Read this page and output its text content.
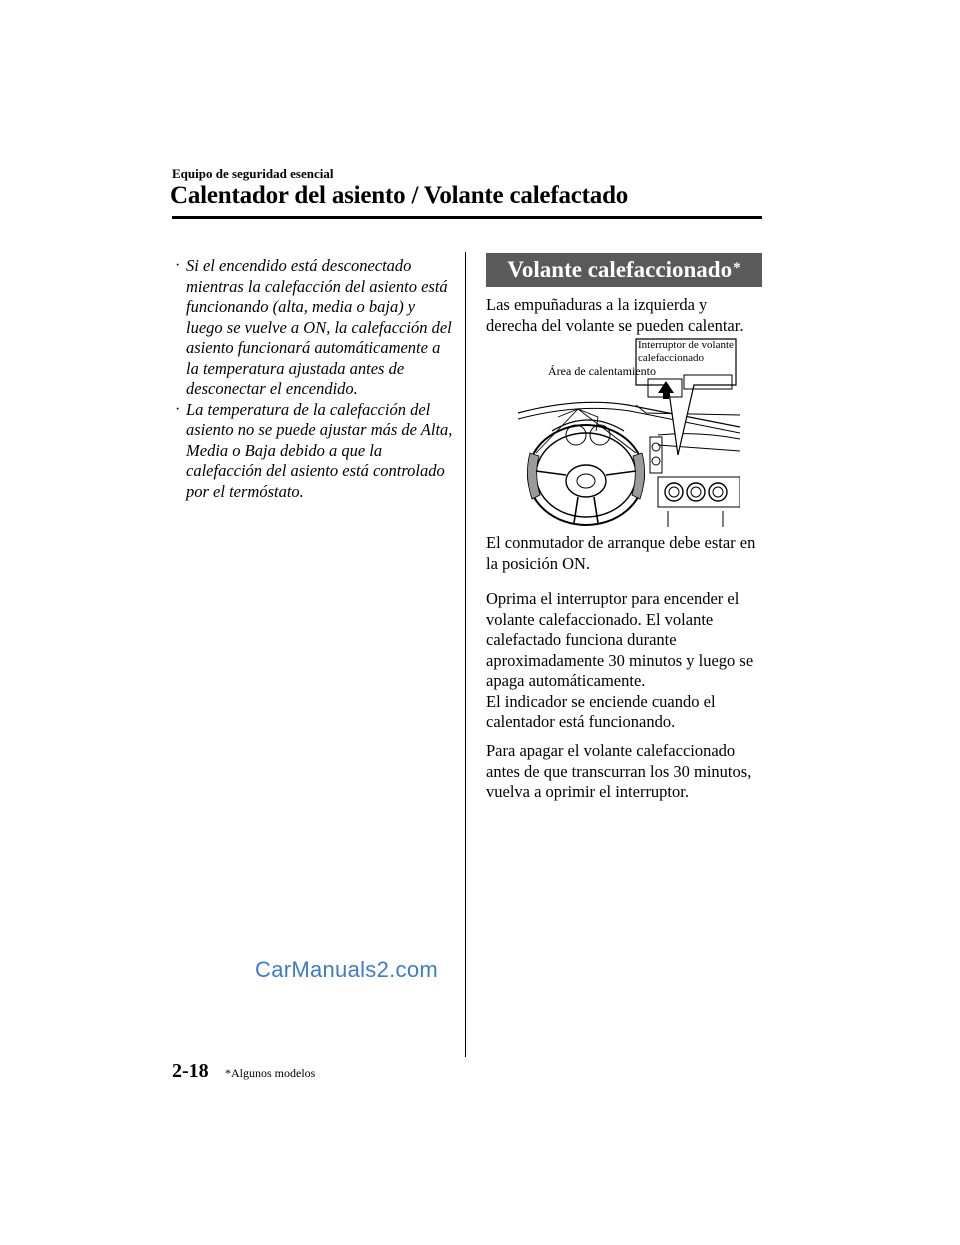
Equipo de seguridad esencial
Calentador del asiento / Volante calefactado
· Si el encendido está desconectado mientras la calefacción del asiento está funcionando (alta, media o baja) y luego se vuelve a ON, la calefacción del asiento funcionará automáticamente a la temperatura ajustada antes de desconectar el encendido.
· La temperatura de la calefacción del asiento no se puede ajustar más de Alta, Media o Baja debido a que la calefacción del asiento está controlado por el termóstato.
Volante calefaccionado*

Las empuñaduras a la izquierda y derecha del volante se pueden calentar.

Área de calentamiento
Interruptor de volante calefaccionado

El conmutador de arranque debe estar en la posición ON.

Oprima el interruptor para encender el volante calefaccionado. El volante calefactado funciona durante aproximadamente 30 minutos y luego se apaga automáticamente.

El indicador se enciende cuando el calentador está funcionando.

Para apagar el volante calefaccionado antes de que transcurran los 30 minutos, vuelva a oprimir el interruptor.

2-18 *Algunos modelos
CarManuals2.com
